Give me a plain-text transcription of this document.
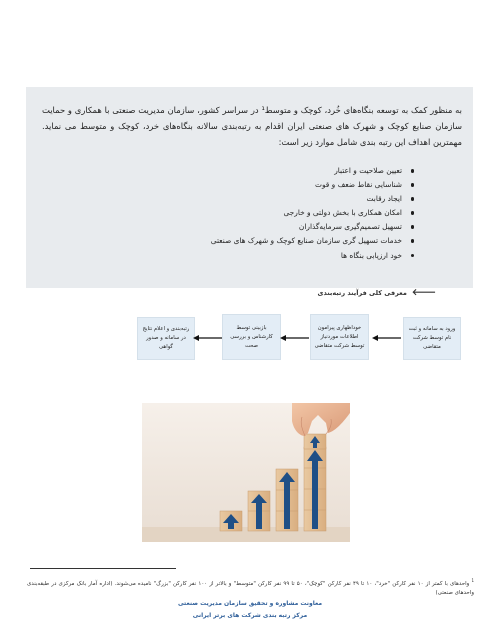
به منظور کمک به توسعه بنگاه‌های خُرد، کوچک و متوسط¹ در سراسر کشور، سازمان مدیریت صنعتی با همکاری و حمایت سازمان صنایع کوچک و شهرک های صنعتی ایران اقدام به رتبه‌بندی سالانه بنگاه‌های خرد، کوچک و متوسط می نماید. مهمترین اهداف این رتبه بندی شامل موارد زیر است:

تعیین صلاحیت و اعتبار
شناسایی نقاط ضعف و قوت
ایجاد رقابت
امکان همکاری با بخش دولتی و خارجی
تسهیل تصمیم‌گیری سرمایه‌گذاران
خدمات تسهیل گری سازمان صنایع کوچک و شهرک های صنعتی
خود ارزیابی بنگاه ها
🡐
معرفی کلی فرآیند رتبه‌بندی
ورود به سامانه و ثبت نام توسط شرکت متقاضی
خوداظهاری پیرامون اطلاعات موردنیاز توسط شرکت متقاضی
بازبینی توسط کارشناس و بررسی صحت
رتبه‌بندی و اعلام نتایج در سامانه و صدور گواهی

$^1$ واحدهای با کمتر از ۱۰ نفر کارکن "خرد"، ۱۰ تا ۴۹ نفر کارکن "کوچک"، ۵۰ تا ۹۹ نفر کارکن "متوسط" و بالاتر از ۱۰۰ نفر کارکن "بزرگ" نامیده می‌شوند. (اداره آمار بانک مرکزی در طبقه‌بندی واحدهای صنعتی)

معاونت مشاوره و تحقیق سازمان مدیریت صنعتی
مرکز رتبه بندی شرکت های برتر ایرانی
